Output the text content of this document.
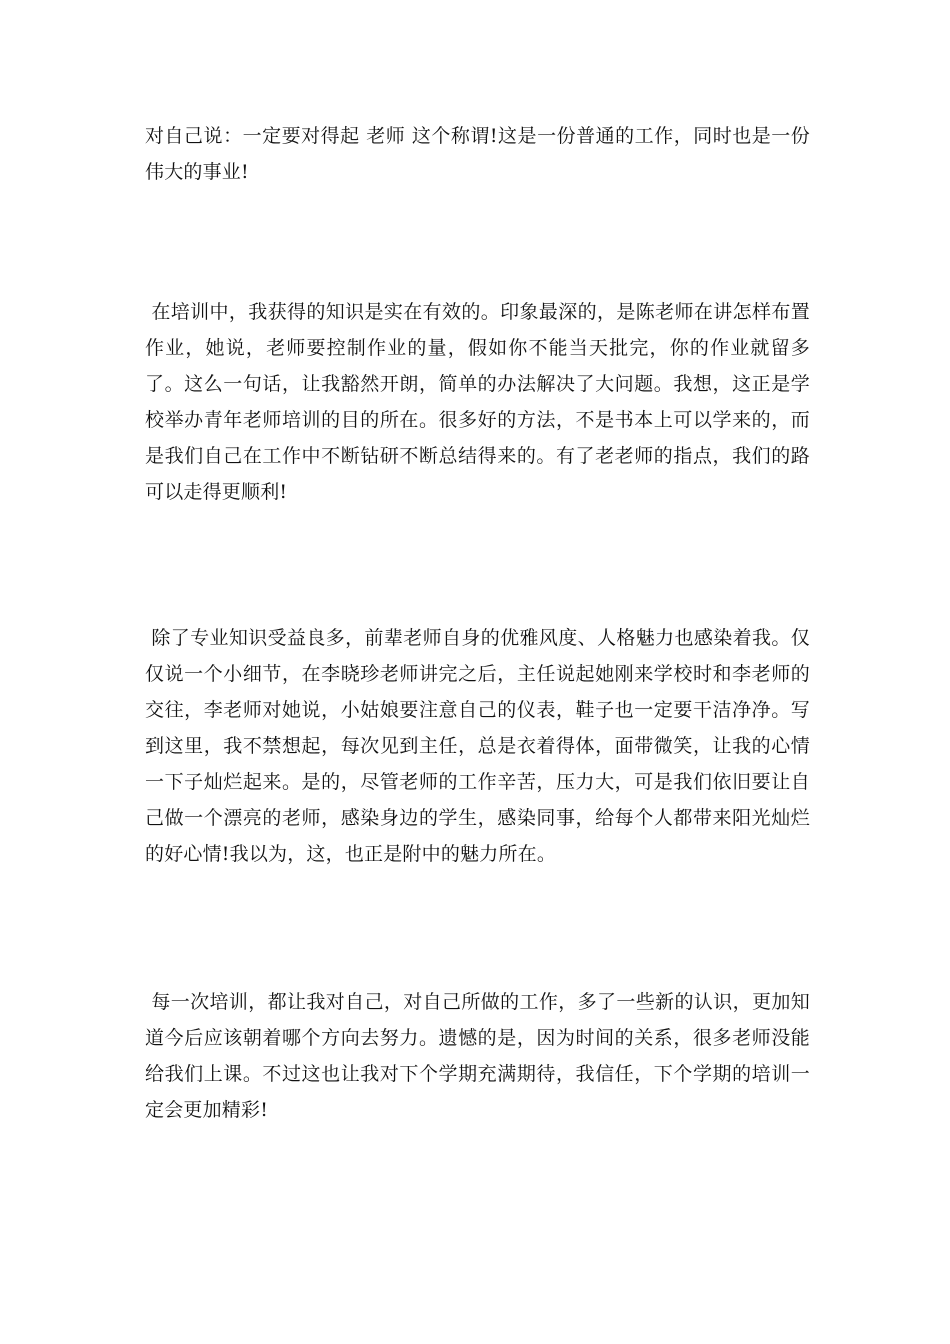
对自己说：一定要对得起 老师 这个称谓!这是一份普通的工作，同时也是一份伟大的事业!

在培训中，我获得的知识是实在有效的。印象最深的，是陈老师在讲怎样布置作业，她说，老师要控制作业的量，假如你不能当天批完，你的作业就留多了。这么一句话，让我豁然开朗，简单的办法解决了大问题。我想，这正是学校举办青年老师培训的目的所在。很多好的方法，不是书本上可以学来的，而是我们自己在工作中不断钻研不断总结得来的。有了老老师的指点，我们的路可以走得更顺利!

除了专业知识受益良多，前辈老师自身的优雅风度、人格魅力也感染着我。仅仅说一个小细节，在李晓珍老师讲完之后，主任说起她刚来学校时和李老师的交往，李老师对她说，小姑娘要注意自己的仪表，鞋子也一定要干洁净净。写到这里，我不禁想起，每次见到主任，总是衣着得体，面带微笑，让我的心情一下子灿烂起来。是的，尽管老师的工作辛苦，压力大，可是我们依旧要让自己做一个漂亮的老师，感染身边的学生，感染同事，给每个人都带来阳光灿烂的好心情!我以为，这，也正是附中的魅力所在。

每一次培训，都让我对自己，对自己所做的工作，多了一些新的认识，更加知道今后应该朝着哪个方向去努力。遗憾的是，因为时间的关系，很多老师没能给我们上课。不过这也让我对下个学期充满期待，我信任，下个学期的培训一定会更加精彩!
